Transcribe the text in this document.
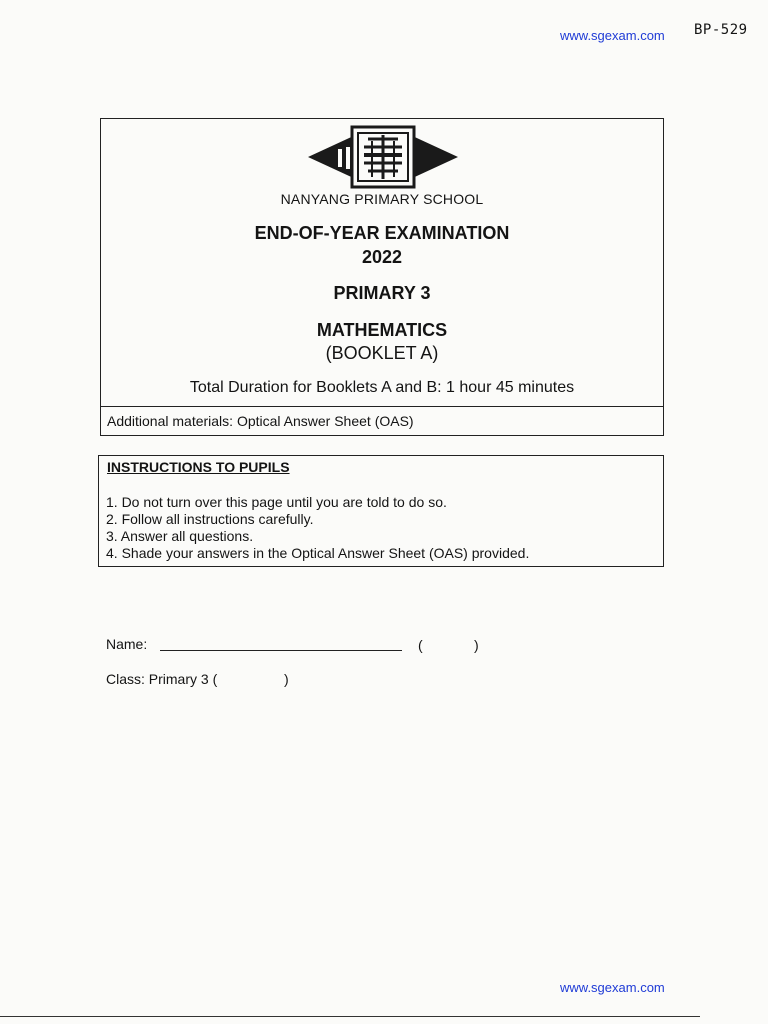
www.sgexam.com BP-529
NANYANG PRIMARY SCHOOL
END-OF-YEAR EXAMINATION
2022
PRIMARY 3
MATHEMATICS
(BOOKLET A)
Total Duration for Booklets A and B: 1 hour 45 minutes
Additional materials: Optical Answer Sheet (OAS)
INSTRUCTIONS TO PUPILS
1. Do not turn over this page until you are told to do so.
2. Follow all instructions carefully.
3. Answer all questions.
4. Shade your answers in the Optical Answer Sheet (OAS) provided.
Name:	(	)
Class: Primary 3 (	)
www.sgexam.com
